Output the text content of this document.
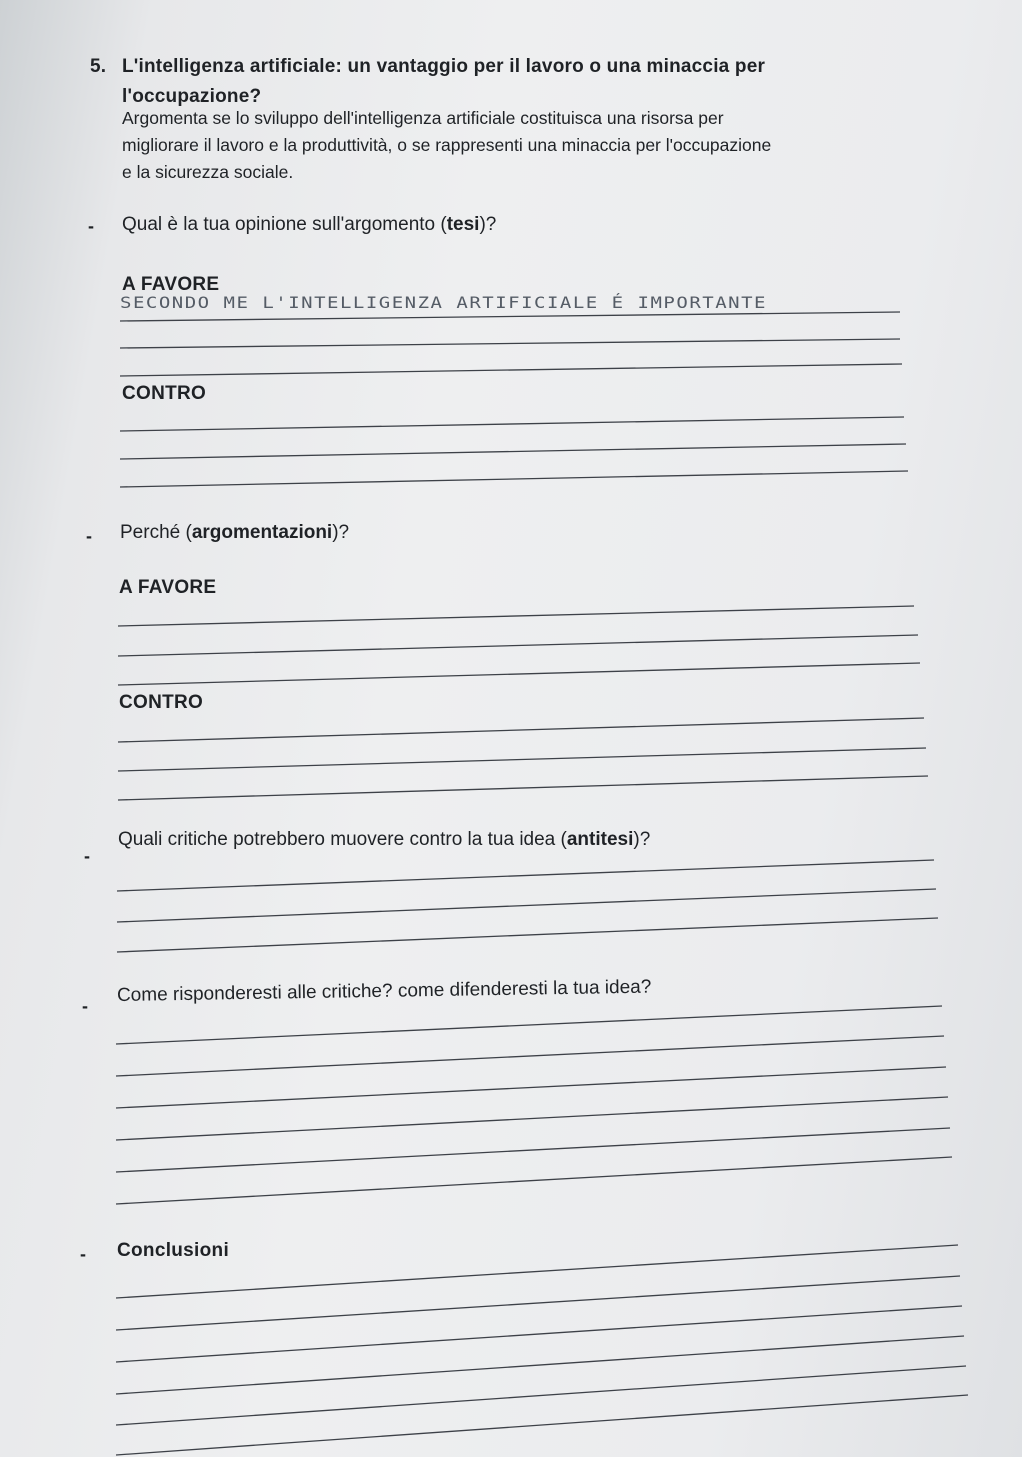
5. L'intelligenza artificiale: un vantaggio per il lavoro o una minaccia per
l'occupazione?
Argomenta se lo sviluppo dell'intelligenza artificiale costituisca una risorsa per
migliorare il lavoro e la produttività, o se rappresenti una minaccia per l'occupazione
e la sicurezza sociale.
- Qual è la tua opinione sull'argomento (tesi)?
A FAVORE
SECONDO ME L'INTELLIGENZA ARTIFICIALE É IMPORTANTE
CONTRO
- Perché (argomentazioni)?
A FAVORE
CONTRO
-
Quali critiche potrebbero muovere contro la tua idea (antitesi)?
-
Come risponderesti alle critiche? come difenderesti la tua idea?
- Conclusioni
